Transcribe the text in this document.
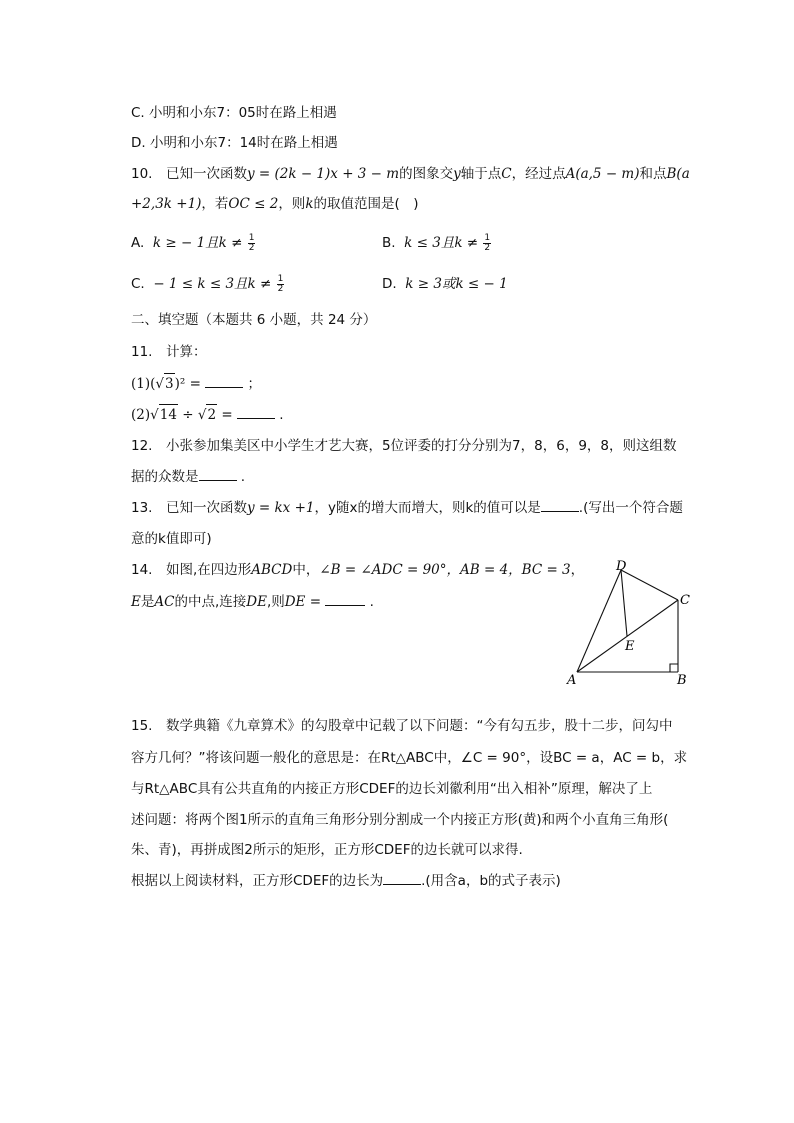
C. 小明和小东7：05时在路上相遇
D. 小明和小东7：14时在路上相遇
10.　已知一次函数y = (2k − 1)x + 3 − m的图象交y轴于点C，经过点A(a,5 − m)和点B(a
+2,3k +1)，若OC ≤ 2，则k的取值范围是(　)
A. k ≥ − 1且$k \ne \frac{1}{2}$	B. k ≤ 3且$k \ne \frac{1}{2}$
C. − 1 ≤ k ≤ 3且$k \ne \frac{1}{2}$	D. k ≥ 3或k ≤ − 1
二、填空题（本题共 6 小题，共 24 分）
11.　计算：
(1)(√3)² =	；
(2)√14 ÷ √2 =	.
12.　小张参加集美区中小学生才艺大赛，5位评委的打分分别为7，8，6，9，8，则这组数
据的众数是	.
13.　已知一次函数y = kx +1，y随x的增大而增大，则k的值可以是	.(写出一个符合题
意的k值即可)
14.　如图,在四边形ABCD中，∠B = ∠ADC = 90°，AB = 4，BC = 3，
E是AC的中点,连接DE,则DE =	.
A	B
C
D
E
15.　数学典籍《九章算术》的勾股章中记载了以下问题：“今有勾五步，股十二步，问勾中
容方几何？”将该问题一般化的意思是：在Rt△ABC中，∠C = 90°，设BC = a，AC = b，求
与Rt△ABC具有公共直角的内接正方形CDEF的边长刘徽利用“出入相补”原理，解决了上
述问题：将两个图1所示的直角三角形分别分割成一个内接正方形(黄)和两个小直角三角形(
朱、青)，再拼成图2所示的矩形，正方形CDEF的边长就可以求得.
根据以上阅读材料，正方形CDEF的边长为	.(用含a，b的式子表示)
